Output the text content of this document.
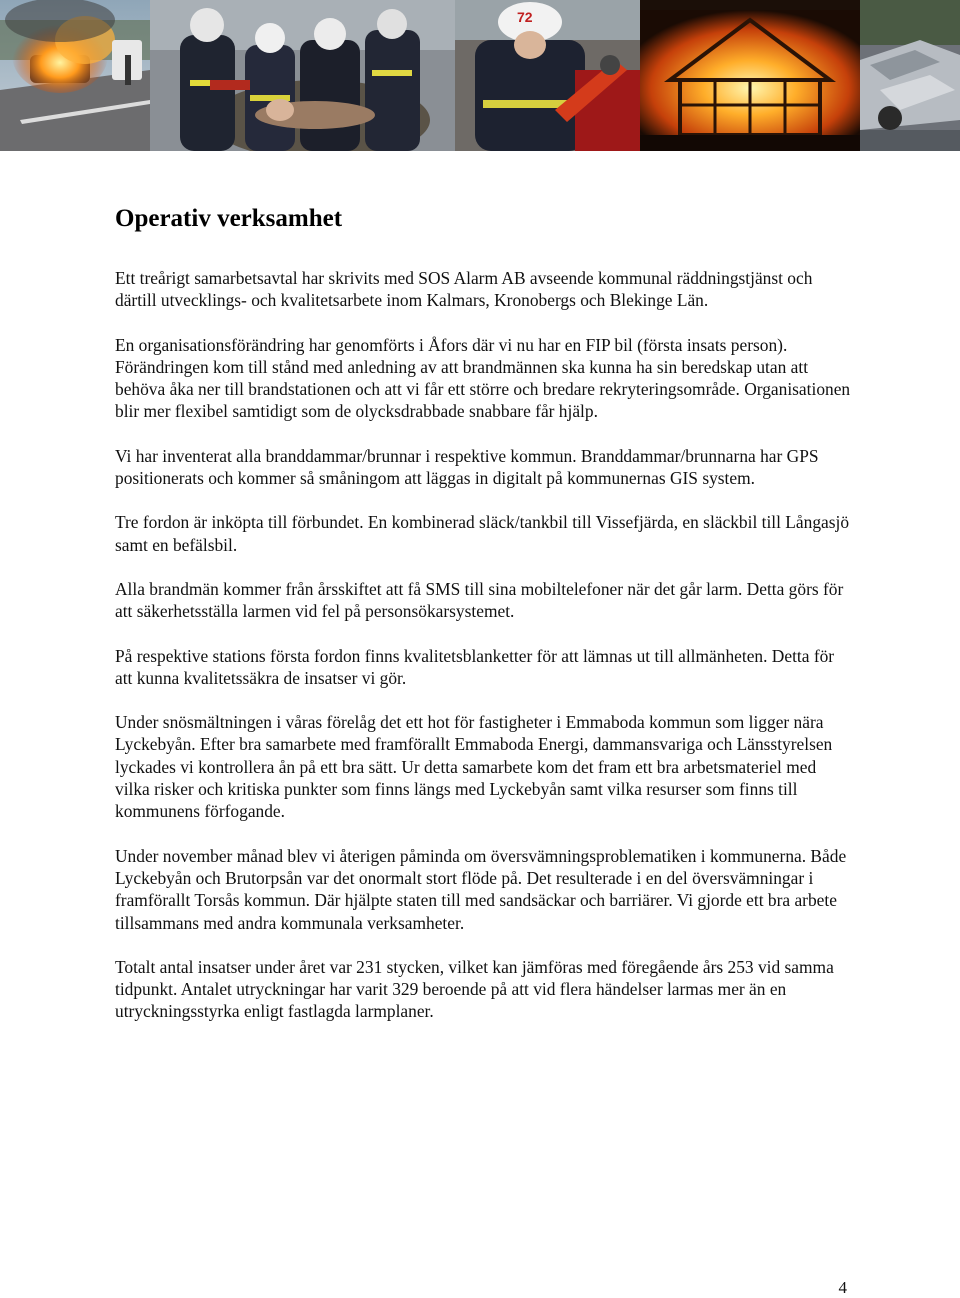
72
Operativ verksamhet

Ett treårigt samarbetsavtal har skrivits med SOS Alarm AB avseende kommunal räddningstjänst och därtill utvecklings- och kvalitetsarbete inom Kalmars, Kronobergs och Blekinge Län.

En organisationsförändring har genomförts i Åfors där vi nu har en FIP bil (första insats person). Förändringen kom till stånd med anledning av att brandmännen ska kunna ha sin beredskap utan att behöva åka ner till brandstationen och att vi får ett större och bredare rekryteringsområde. Organisationen blir mer flexibel samtidigt som de olycksdrabbade snabbare får hjälp.

Vi har inventerat alla branddammar/brunnar i respektive kommun. Branddammar/brunnarna har GPS positionerats och kommer så småningom att läggas in digitalt på kommunernas GIS system.

Tre fordon är inköpta till förbundet. En kombinerad släck/tankbil till Vissefjärda, en släckbil till Långasjö samt en befälsbil.

Alla brandmän kommer från årsskiftet att få SMS till sina mobiltelefoner när det går larm. Detta görs för att säkerhetsställa larmen vid fel på personsökarsystemet.

På respektive stations första fordon finns kvalitetsblanketter för att lämnas ut till allmänheten. Detta för att kunna kvalitetssäkra de insatser vi gör.

Under snösmältningen i våras förelåg det ett hot för fastigheter i Emmaboda kommun som ligger nära Lyckebyån. Efter bra samarbete med framförallt Emmaboda Energi, dammansvariga och Länsstyrelsen lyckades vi kontrollera ån på ett bra sätt. Ur detta samarbete kom det fram ett bra arbetsmateriel med vilka risker och kritiska punkter som finns längs med Lyckebyån samt vilka resurser som finns till kommunens förfogande.

Under november månad blev vi återigen påminda om översvämningsproblematiken i kommunerna. Både Lyckebyån och Brutorpsån var det onormalt stort flöde på. Det resulterade i en del översvämningar i framförallt Torsås kommun. Där hjälpte staten till med sandsäckar och barriärer. Vi gjorde ett bra arbete tillsammans med andra kommunala verksamheter.

Totalt antal insatser under året var 231 stycken, vilket kan jämföras med föregående års 253 vid samma tidpunkt. Antalet utryckningar har varit 329 beroende på att vid flera händelser larmas mer än en utryckningsstyrka enligt fastlagda larmplaner.

4
